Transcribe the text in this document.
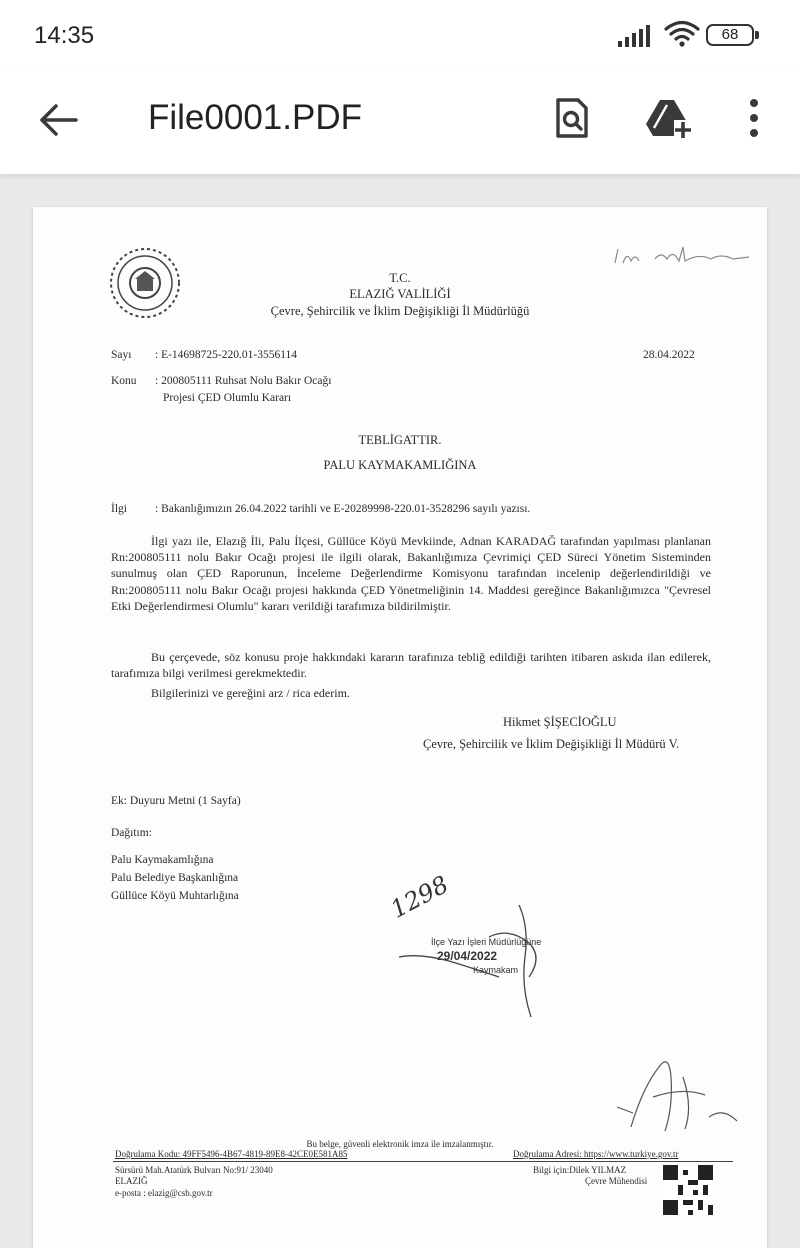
14:35	68
File0001.PDF
T.C.
ELAZIĞ VALİLİĞİ
Çevre, Şehircilik ve İklim Değişikliği İl Müdürlüğü
Sayı : E-14698725-220.01-3556114	28.04.2022
Konu : 200805111 Ruhsat Nolu Bakır Ocağı
Projesi ÇED Olumlu Kararı
TEBLİGATTIR.
PALU KAYMAKAMLIĞINA
İlgi : Bakanlığımızın 26.04.2022 tarihli ve E-20289998-220.01-3528296 sayılı yazısı.
İlgi yazı ile, Elazığ İli, Palu İlçesi, Güllüce Köyü Mevkiinde, Adnan KARADAĞ tarafından yapılması planlanan Rn:200805111 nolu Bakır Ocağı projesi ile ilgili olarak, Bakanlığımıza Çevrimiçi ÇED Süreci Yönetim Sisteminden sunulmuş olan ÇED Raporunun, İnceleme Değerlendirme Komisyonu tarafından incelenip değerlendirildiği ve Rn:200805111 nolu Bakır Ocağı projesi hakkında ÇED Yönetmeliğinin 14. Maddesi gereğince Bakanlığımızca "Çevresel Etki Değerlendirmesi Olumlu" kararı verildiği tarafımıza bildirilmiştir.
Bu çerçevede, söz konusu proje hakkındaki kararın tarafınıza tebliğ edildiği tarihten itibaren askıda ilan edilerek, tarafımıza bilgi verilmesi gerekmektedir.
Bilgilerinizi ve gereğini arz / rica ederim.
Hikmet ŞİŞECİOĞLU
Çevre, Şehircilik ve İklim Değişikliği İl Müdürü V.
Ek: Duyuru Metni (1 Sayfa)
Dağıtım:
Palu Kaymakamlığına
Palu Belediye Başkanlığına
Güllüce Köyü Muhtarlığına	1298
İlçe Yazı İşleri Müdürlüğüne
29/04/2022
Kaymakam
Bu belge, güvenli elektronik imza ile imzalanmıştır.
Doğrulama Kodu: 49FF5496-4B67-4819-89E8-42CE0E581A85	Doğrulama Adresi: https://www.turkiye.gov.tr
Sürsürü Mah.Atatürk Bulvarı No:91/ 23040
ELAZIĞ
e-posta : elazig@csb.gov.tr
Bilgi için:Dilek YILMAZ
Çevre Mühendisi
